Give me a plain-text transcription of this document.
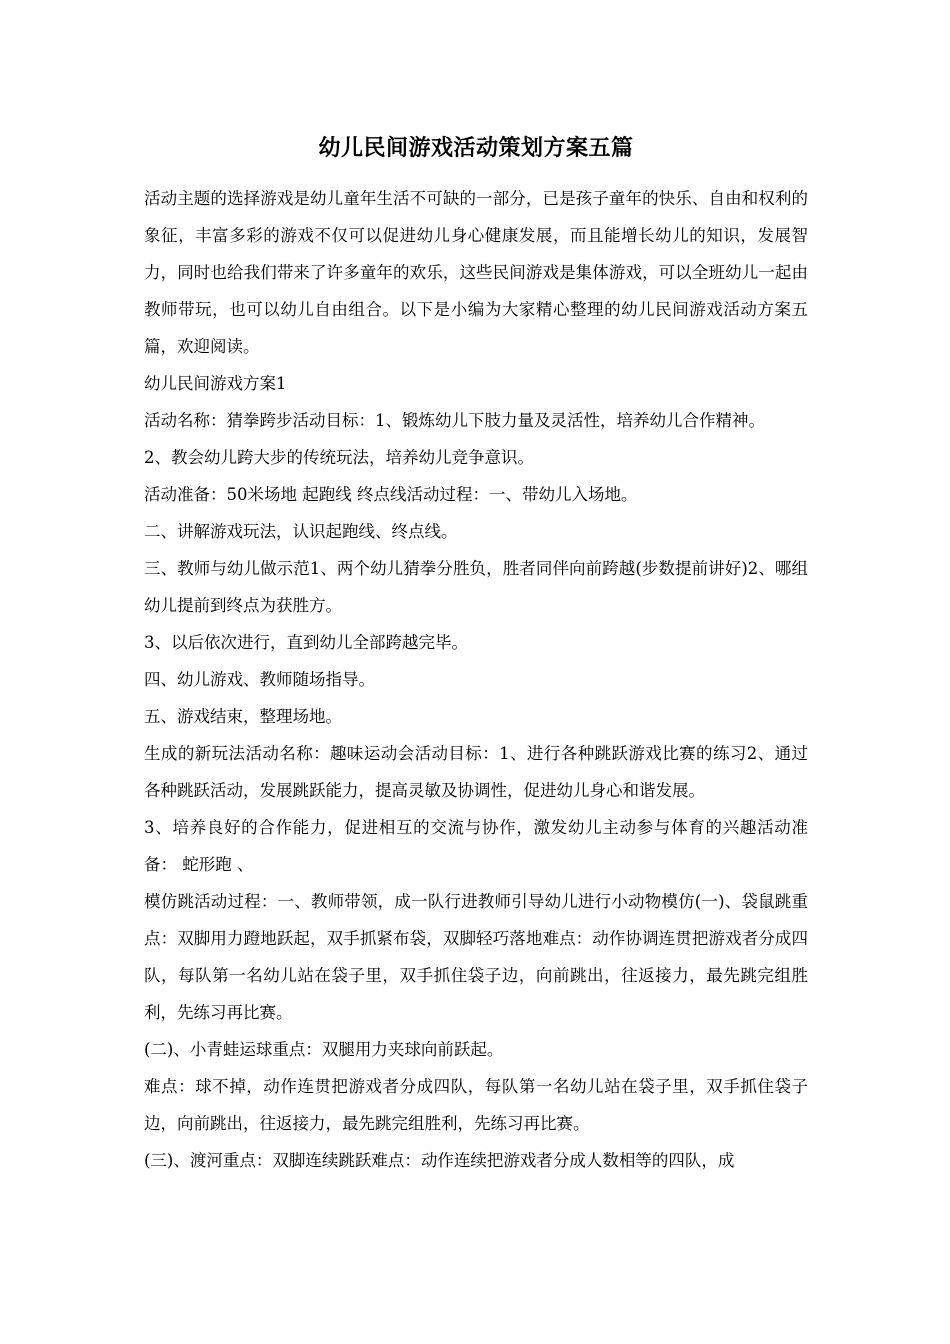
幼儿民间游戏活动策划方案五篇

活动主题的选择游戏是幼儿童年生活不可缺的一部分，已是孩子童年的快乐、自由和权利的象征，丰富多彩的游戏不仅可以促进幼儿身心健康发展，而且能增长幼儿的知识，发展智力，同时也给我们带来了许多童年的欢乐，这些民间游戏是集体游戏，可以全班幼儿一起由教师带玩，也可以幼儿自由组合。以下是小编为大家精心整理的幼儿民间游戏活动方案五篇，欢迎阅读。

幼儿民间游戏方案1

活动名称：猜拳跨步活动目标：1、锻炼幼儿下肢力量及灵活性，培养幼儿合作精神。

2、教会幼儿跨大步的传统玩法，培养幼儿竞争意识。

活动准备：50米场地 起跑线 终点线活动过程：一、带幼儿入场地。

二、讲解游戏玩法，认识起跑线、终点线。

三、教师与幼儿做示范1、两个幼儿猜拳分胜负，胜者同伴向前跨越(步数提前讲好)2、哪组幼儿提前到终点为获胜方。

3、以后依次进行，直到幼儿全部跨越完毕。

四、幼儿游戏、教师随场指导。

五、游戏结束，整理场地。

生成的新玩法活动名称：趣味运动会活动目标：1、进行各种跳跃游戏比赛的练习2、通过各种跳跃活动，发展跳跃能力，提高灵敏及协调性，促进幼儿身心和谐发展。

3、培养良好的合作能力，促进相互的交流与协作，激发幼儿主动参与体育的兴趣活动准备： 蛇形跑 、

模仿跳活动过程：一、教师带领，成一队行进教师引导幼儿进行小动物模仿(一)、袋鼠跳重点：双脚用力蹬地跃起，双手抓紧布袋，双脚轻巧落地难点：动作协调连贯把游戏者分成四队，每队第一名幼儿站在袋子里，双手抓住袋子边，向前跳出，往返接力，最先跳完组胜利，先练习再比赛。

(二)、小青蛙运球重点：双腿用力夹球向前跃起。

难点：球不掉，动作连贯把游戏者分成四队，每队第一名幼儿站在袋子里，双手抓住袋子边，向前跳出，往返接力，最先跳完组胜利，先练习再比赛。

(三)、渡河重点：双脚连续跳跃难点：动作连续把游戏者分成人数相等的四队，成
